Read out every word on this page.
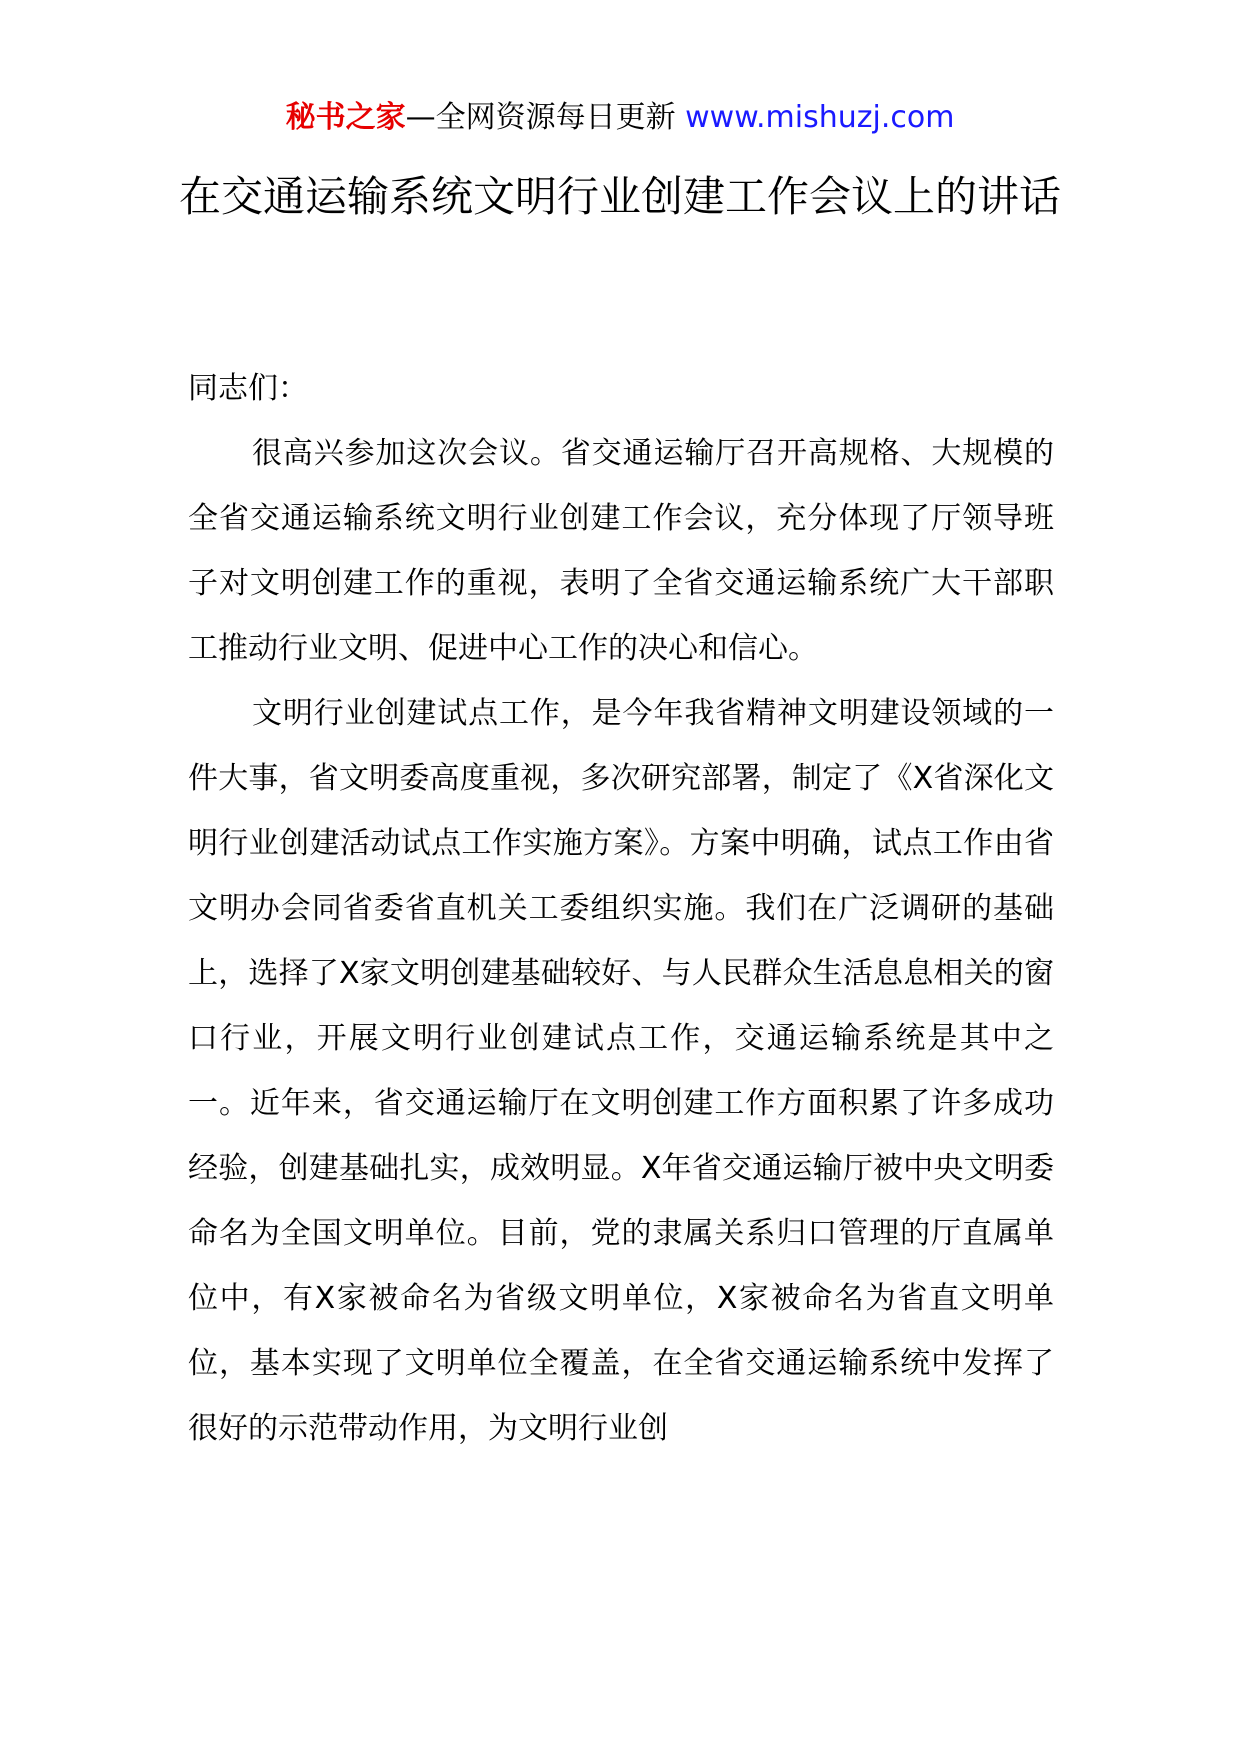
秘书之家—全网资源每日更新 www.mishuzj.com
在交通运输系统文明行业创建工作会议上的讲话

同志们：

很高兴参加这次会议。省交通运输厅召开高规格、大规模的全省交通运输系统文明行业创建工作会议，充分体现了厅领导班子对文明创建工作的重视，表明了全省交通运输系统广大干部职工推动行业文明、促进中心工作的决心和信心。

文明行业创建试点工作，是今年我省精神文明建设领域的一件大事，省文明委高度重视，多次研究部署，制定了《X省深化文明行业创建活动试点工作实施方案》。方案中明确，试点工作由省文明办会同省委省直机关工委组织实施。我们在广泛调研的基础上，选择了X家文明创建基础较好、与人民群众生活息息相关的窗口行业，开展文明行业创建试点工作，交通运输系统是其中之一。近年来，省交通运输厅在文明创建工作方面积累了许多成功经验，创建基础扎实，成效明显。X年省交通运输厅被中央文明委命名为全国文明单位。目前，党的隶属关系归口管理的厅直属单位中，有X家被命名为省级文明单位，X家被命名为省直文明单位，基本实现了文明单位全覆盖，在全省交通运输系统中发挥了很好的示范带动作用，为文明行业创
